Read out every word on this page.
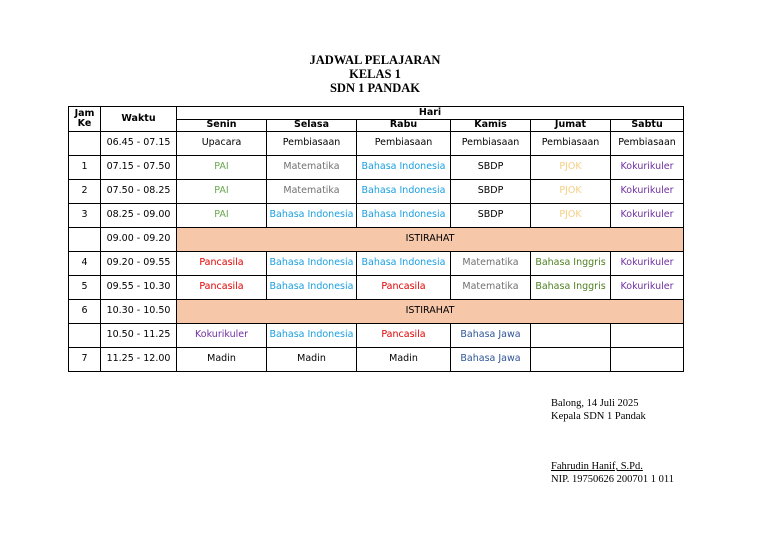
JADWAL PELAJARAN
KELAS 1
SDN 1 PANDAK
Jam Ke	Waktu	Hari					
		Senin	Selasa	Rabu	Kamis	Jumat	Sabtu
	06.45 - 07.15	Upacara	Pembiasaan	Pembiasaan	Pembiasaan	Pembiasaan	Pembiasaan
1	07.15 - 07.50	PAI	Matematika	Bahasa Indonesia	SBDP	PJOK	Kokurikuler
2	07.50 - 08.25	PAI	Matematika	Bahasa Indonesia	SBDP	PJOK	Kokurikuler
3	08.25 - 09.00	PAI	Bahasa Indonesia	Bahasa Indonesia	SBDP	PJOK	Kokurikuler
	09.00 - 09.20	ISTIRAHAT					
4	09.20 - 09.55	Pancasila	Bahasa Indonesia	Bahasa Indonesia	Matematika	Bahasa Inggris	Kokurikuler
5	09.55 - 10.30	Pancasila	Bahasa Indonesia	Pancasila	Matematika	Bahasa Inggris	Kokurikuler
6	10.30 - 10.50	ISTIRAHAT					
	10.50 - 11.25	Kokurikuler	Bahasa Indonesia	Pancasila	Bahasa Jawa		
7	11.25 - 12.00	Madin	Madin	Madin	Bahasa Jawa		
Balong, 14 Juli 2025
Kepala SDN 1 Pandak
Fahrudin Hanif, S.Pd.
NIP. 19750626 200701 1 011
